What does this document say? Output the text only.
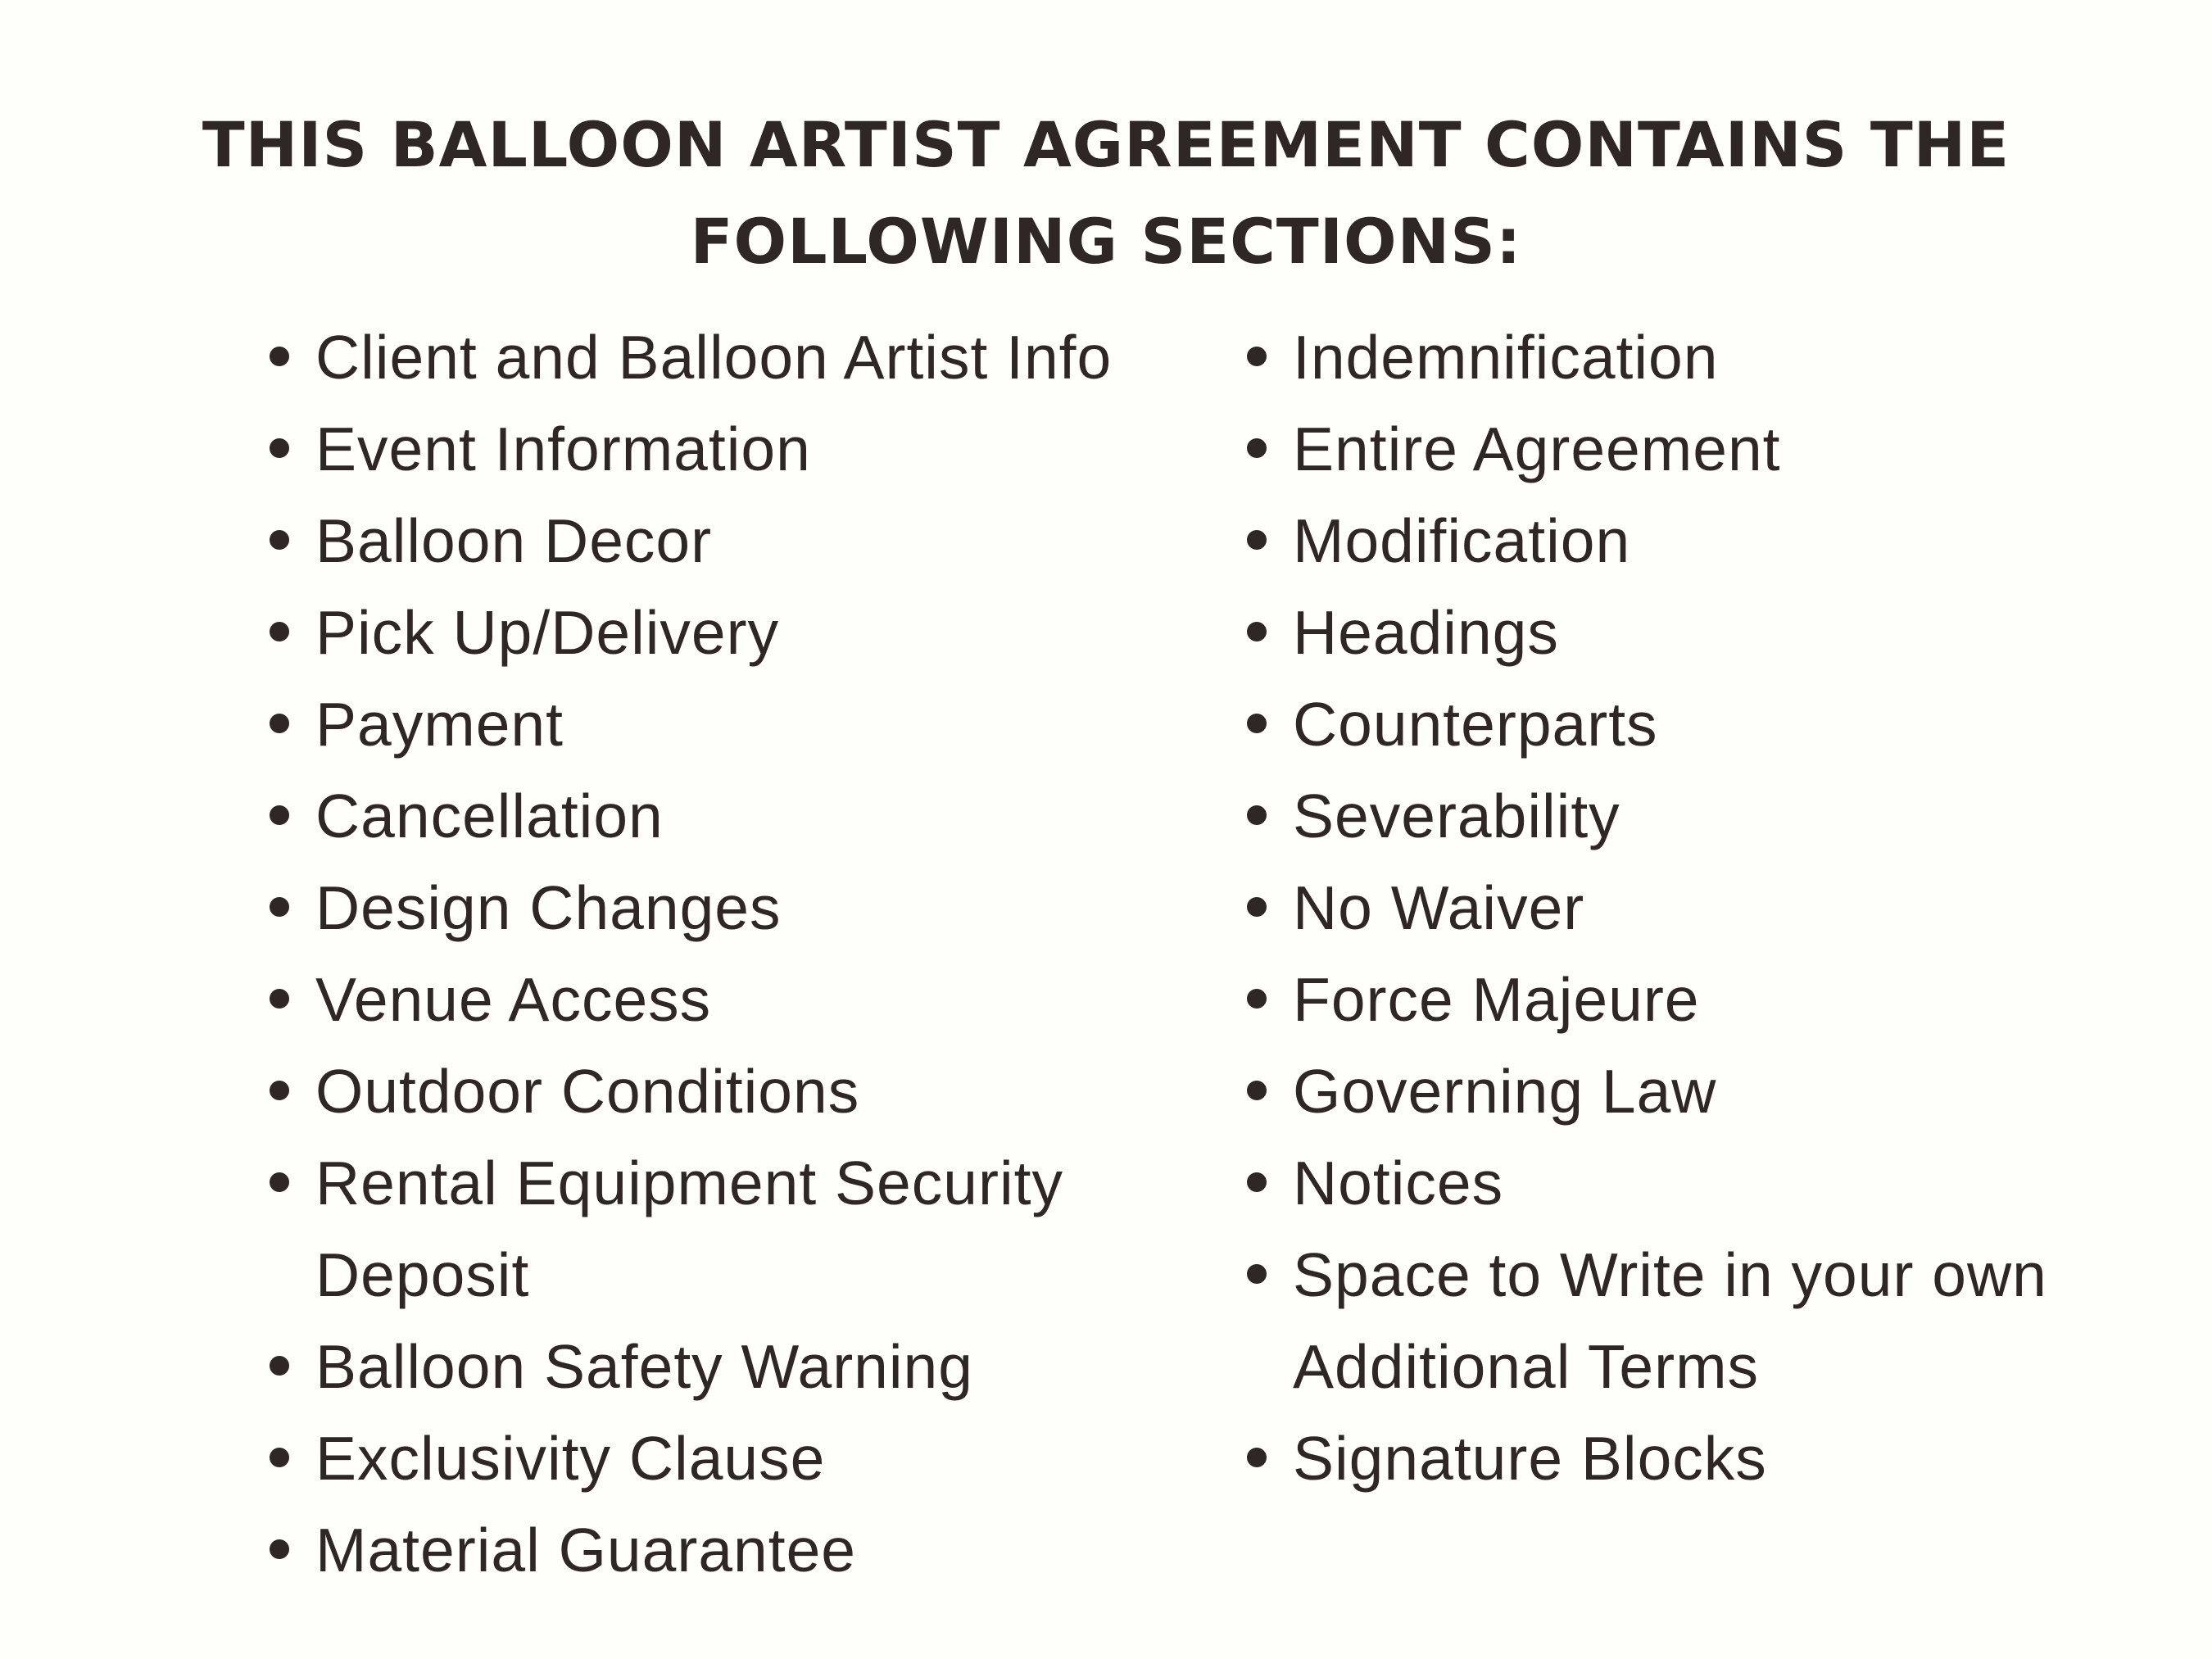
THIS BALLOON ARTIST AGREEMENT CONTAINS THE
FOLLOWING SECTIONS:
Client and Balloon Artist Info
Event Information
Balloon Decor
Pick Up/Delivery
Payment
Cancellation
Design Changes
Venue Access
Outdoor Conditions
Rental Equipment Security
Deposit
Balloon Safety Warning
Exclusivity Clause
Material Guarantee
Indemnification
Entire Agreement
Modification
Headings
Counterparts
Severability
No Waiver
Force Majeure
Governing Law
Notices
Space to Write in your own
Additional Terms
Signature Blocks
